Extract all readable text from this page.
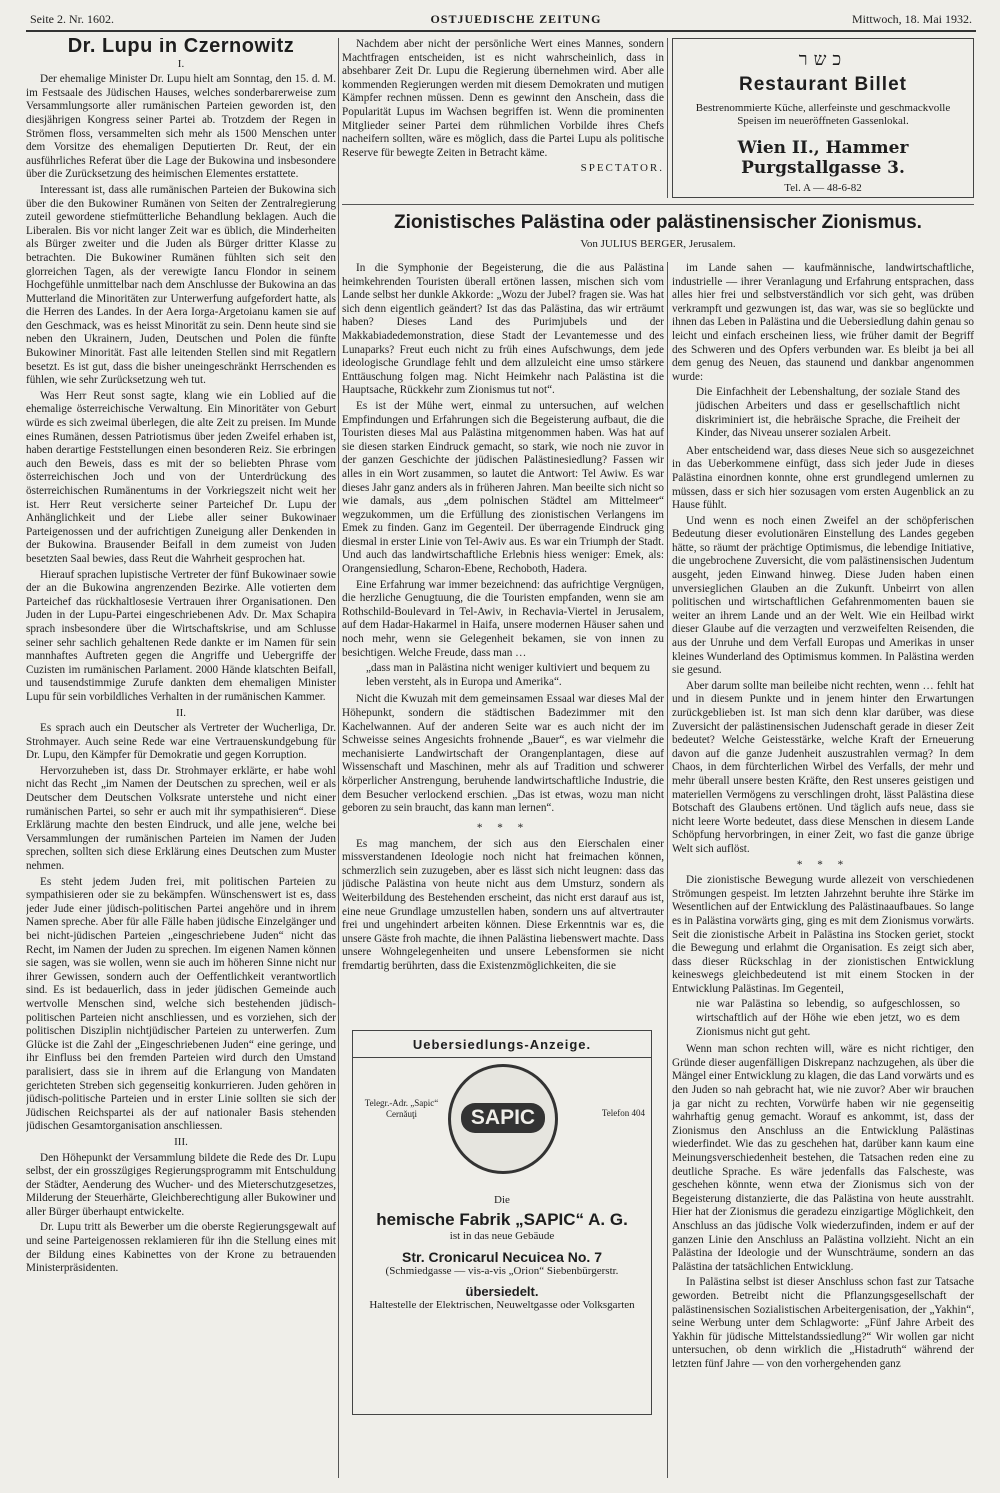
Seite 2. Nr. 1602.	OSTJUEDISCHE ZEITUNG	Mittwoch, 18. Mai 1932.
Dr. Lupu in Czernowitz

I.

Der ehemalige Minister Dr. Lupu hielt am Sonntag, den 15. d. M. im Festsaale des Jüdischen Hauses, welches sonderbarerweise zum Versammlungsorte aller rumänischen Parteien geworden ist, den diesjährigen Kongress seiner Partei ab. Trotzdem der Regen in Strömen floss, versammelten sich mehr als 1500 Menschen unter dem Vorsitze des ehemaligen Deputierten Dr. Reut, der ein ausführliches Referat über die Lage der Bukowina und insbesondere über die Zurücksetzung des heimischen Elementes erstattete.

Interessant ist, dass alle rumänischen Parteien der Bukowina sich über die den Bukowiner Rumänen von Seiten der Zentralregierung zuteil gewordene stiefmütterliche Behandlung beklagen. Auch die Liberalen. Bis vor nicht langer Zeit war es üblich, die Minderheiten als Bürger zweiter und die Juden als Bürger dritter Klasse zu betrachten. Die Bukowiner Rumänen fühlten sich seit den glorreichen Tagen, als der verewigte Iancu Flondor in seinem Hochgefühle unmittelbar nach dem Anschlusse der Bukowina an das Mutterland die Minoritäten zur Unterwerfung aufgefordert hatte, als die Herren des Landes. In der Aera Iorga-Argetoianu kamen sie auf den Geschmack, was es heisst Minorität zu sein. Denn heute sind sie neben den Ukrainern, Juden, Deutschen und Polen die fünfte Bukowiner Minorität. Fast alle leitenden Stellen sind mit Regatlern besetzt. Es ist gut, dass die bisher uneingeschränkt Herrschenden es fühlen, wie sehr Zurücksetzung weh tut.

Was Herr Reut sonst sagte, klang wie ein Loblied auf die ehemalige österreichische Verwaltung. Ein Minoritäter von Geburt würde es sich zweimal überlegen, die alte Zeit zu preisen. Im Munde eines Rumänen, dessen Patriotismus über jeden Zweifel erhaben ist, haben derartige Feststellungen einen besonderen Reiz. Sie erbringen auch den Beweis, dass es mit der so beliebten Phrase vom österreichischen Joch und von der Unterdrückung des österreichischen Rumänentums in der Vorkriegszeit nicht weit her ist. Herr Reut versicherte seiner Parteichef Dr. Lupu der Anhänglichkeit und der Liebe aller seiner Bukowinaer Parteigenossen und der aufrichtigen Zuneigung aller Denkenden in der Bukowina. Brausender Beifall in dem zumeist von Juden besetzten Saal bewies, dass Reut die Wahrheit gesprochen hat.

Hierauf sprachen lupistische Vertreter der fünf Bukowinaer sowie der an die Bukowina angrenzenden Bezirke. Alle votierten dem Parteichef das rückhaltlosesie Vertrauen ihrer Organisationen. Den Juden in der Lupu-Partei eingeschriebenen Adv. Dr. Max Schapira sprach insbesondere über die Wirtschaftskrise, und am Schlusse seiner sehr sachlich gehaltenen Rede dankte er im Namen für sein mannhaftes Auftreten gegen die Angriffe und Uebergriffe der Cuzisten im rumänischen Parlament. 2000 Hände klatschten Beifall, und tausendstimmige Zurufe dankten dem ehemaligen Minister Lupu für sein vorbildliches Verhalten in der rumänischen Kammer.

II.

Es sprach auch ein Deutscher als Vertreter der Wucherliga, Dr. Strohmayer. Auch seine Rede war eine Vertrauenskundgebung für Dr. Lupu, den Kämpfer für Demokratie und gegen Korruption.

Hervorzuheben ist, dass Dr. Strohmayer erklärte, er habe wohl nicht das Recht „im Namen der Deutschen zu sprechen, weil er als Deutscher dem Deutschen Volksrate unterstehe und nicht einer rumänischen Partei, so sehr er auch mit ihr sympathisieren“. Diese Erklärung machte den besten Eindruck, und alle jene, welche bei Versammlungen der rumänischen Parteien im Namen der Juden sprechen, sollten sich diese Erklärung eines Deutschen zum Muster nehmen.

Es steht jedem Juden frei, mit politischen Parteien zu sympathisieren oder sie zu bekämpfen. Wünschenswert ist es, dass jeder Jude einer jüdisch-politischen Partei angehöre und in ihrem Namen spreche. Aber für alle Fälle haben jüdische Einzelgänger und bei nicht-jüdischen Parteien „eingeschriebene Juden“ nicht das Recht, im Namen der Juden zu sprechen. Im eigenen Namen können sie sagen, was sie wollen, wenn sie auch im höheren Sinne nicht nur ihrer Gewissen, sondern auch der Oeffentlichkeit verantwortlich sind. Es ist bedauerlich, dass in jeder jüdischen Gemeinde auch wertvolle Menschen sind, welche sich bestehenden jüdisch-politischen Parteien nicht anschliessen, und es vorziehen, sich der politischen Disziplin nichtjüdischer Parteien zu unterwerfen. Zum Glücke ist die Zahl der „Eingeschriebenen Juden“ eine geringe, und ihr Einfluss bei den fremden Parteien wird durch den Umstand paralisiert, dass sie in ihrem auf die Erlangung von Mandaten gerichteten Streben sich gegenseitig konkurrieren. Juden gehören in jüdisch-politische Parteien und in erster Linie sollten sie sich der Jüdischen Reichspartei als der auf nationaler Basis stehenden jüdischen Gesamtorganisation anschliessen.

III.

Den Höhepunkt der Versammlung bildete die Rede des Dr. Lupu selbst, der ein grosszügiges Regierungsprogramm mit Entschuldung der Städter, Aenderung des Wucher- und des Mieterschutzgesetzes, Milderung der Steuerhärte, Gleichberechtigung aller Bukowiner und aller Bürger überhaupt entwickelte.

Dr. Lupu tritt als Bewerber um die oberste Regierungsgewalt auf und seine Parteigenossen reklamieren für ihn die Stellung eines mit der Bildung eines Kabinettes von der Krone zu betrauenden Ministerpräsidenten.

Nachdem aber nicht der persönliche Wert eines Mannes, sondern Machtfragen entscheiden, ist es nicht wahrscheinlich, dass in absehbarer Zeit Dr. Lupu die Regierung übernehmen wird. Aber alle kommenden Regierungen werden mit diesem Demokraten und mutigen Kämpfer rechnen müssen. Denn es gewinnt den Anschein, dass die Popularität Lupus im Wachsen begriffen ist. Wenn die prominenten Mitglieder seiner Partei dem rühmlichen Vorbilde ihres Chefs nacheifern sollten, wäre es möglich, dass die Partei Lupu als politische Reserve für bewegte Zeiten in Betracht käme.

SPECTATOR.

כשר
Restaurant Billet
Bestrenommierte Küche, allerfeinste und geschmackvolle Speisen im neueröffneten Gassenlokal.
Wien II., Hammer Purgstallgasse 3.
Tel. A — 48-6-82
Zionistisches Palästina oder palästinensischer Zionismus.
Von JULIUS BERGER, Jerusalem.

In die Symphonie der Begeisterung, die die aus Palästina heimkehrenden Touristen überall ertönen lassen, mischen sich vom Lande selbst her dunkle Akkorde: „Wozu der Jubel? fragen sie. Was hat sich denn eigentlich geändert? Ist das das Palästina, das wir erträumt haben? Dieses Land des Purimjubels und der Makkabiadedemonstration, diese Stadt der Levantemesse und des Lunaparks? Freut euch nicht zu früh eines Aufschwungs, dem jede ideologische Grundlage fehlt und dem allzuleicht eine umso stärkere Enttäuschung folgen mag. Nicht Heimkehr nach Palästina ist die Hauptsache, Rückkehr zum Zionismus tut not“.

Es ist der Mühe wert, einmal zu untersuchen, auf welchen Empfindungen und Erfahrungen sich die Begeisterung aufbaut, die die Touristen dieses Mal aus Palästina mitgenommen haben. Was hat auf sie diesen starken Eindruck gemacht, so stark, wie noch nie zuvor in der ganzen Geschichte der jüdischen Palästinesiedlung? Fassen wir alles in ein Wort zusammen, so lautet die Antwort: Tel Awiw. Es war dieses Jahr ganz anders als in früheren Jahren. Man beeilte sich nicht so wie damals, aus „dem polnischen Städtel am Mittelmeer“ wegzukommen, um die Erfüllung des zionistischen Verlangens im Emek zu finden. Ganz im Gegenteil. Der überragende Eindruck ging diesmal in erster Linie von Tel-Awiv aus. Es war ein Triumph der Stadt. Und auch das landwirtschaftliche Erlebnis hiess weniger: Emek, als: Orangensiedlung, Scharon-Ebene, Rechoboth, Hadera.

Eine Erfahrung war immer bezeichnend: das aufrichtige Vergnügen, die herzliche Genugtuung, die die Touristen empfanden, wenn sie am Rothschild-Boulevard in Tel-Awiv, in Rechavia-Viertel in Jerusalem, auf dem Hadar-Hakarmel in Haifa, unsere modernen Häuser sahen und noch mehr, wenn sie Gelegenheit bekamen, sie von innen zu besichtigen. Welche Freude, dass man …

„dass man in Palästina nicht weniger kultiviert und bequem zu leben versteht, als in Europa und Amerika“.

Nicht die Kwuzah mit dem gemeinsamen Essaal war dieses Mal der Höhepunkt, sondern die städtischen Badezimmer mit den Kachelwannen. Auf der anderen Seite war es auch nicht der im Schweisse seines Angesichts frohnende „Bauer“, es war vielmehr die mechanisierte Landwirtschaft der Orangenplantagen, diese auf Wissenschaft und Maschinen, mehr als auf Tradition und schwerer körperlicher Anstrengung, beruhende landwirtschaftliche Industrie, die dem Besucher verlockend erschien. „Das ist etwas, wozu man nicht geboren zu sein braucht, das kann man lernen“.

* * *

Es mag manchem, der sich aus den Eierschalen einer missverstandenen Ideologie noch nicht hat freimachen können, schmerzlich sein zuzugeben, aber es lässt sich nicht leugnen: dass das jüdische Palästina von heute nicht aus dem Umsturz, sondern als Weiterbildung des Bestehenden erscheint, das nicht erst darauf aus ist, eine neue Grundlage umzustellen haben, sondern uns auf altvertrauter frei und ungehindert arbeiten können. Diese Erkenntnis war es, die unsere Gäste froh machte, die ihnen Palästina liebenswert machte. Dass unsere Wohngelegenheiten und unsere Lebensformen sie nicht fremdartig berührten, dass die Existenzmöglichkeiten, die sie

im Lande sahen — kaufmännische, landwirtschaftliche, industrielle — ihrer Veranlagung und Erfahrung entsprachen, dass alles hier frei und selbstverständlich vor sich geht, was drüben verkrampft und gezwungen ist, das war, was sie so beglückte und ihnen das Leben in Palästina und die Uebersiedlung dahin genau so leicht und einfach erscheinen liess, wie früher damit der Begriff des Schweren und des Opfers verbunden war. Es bleibt ja bei all dem genug des Neuen, das staunend und dankbar angenommen wurde:

Die Einfachheit der Lebenshaltung, der soziale Stand des jüdischen Arbeiters und dass er gesellschaftlich nicht diskriminiert ist, die hebräische Sprache, die Freiheit der Kinder, das Niveau unserer sozialen Arbeit.

Aber entscheidend war, dass dieses Neue sich so ausgezeichnet in das Ueberkommene einfügt, dass sich jeder Jude in dieses Palästina einordnen konnte, ohne erst grundlegend umlernen zu müssen, dass er sich hier sozusagen vom ersten Augenblick an zu Hause fühlt.

Und wenn es noch einen Zweifel an der schöpferischen Bedeutung dieser evolutionären Einstellung des Landes gegeben hätte, so räumt der prächtige Optimismus, die lebendige Initiative, die ungebrochene Zuversicht, die vom palästinensischen Judentum ausgeht, jeden Einwand hinweg. Diese Juden haben einen unversieglichen Glauben an die Zukunft. Unbeirrt von allen politischen und wirtschaftlichen Gefahrenmomenten bauen sie weiter an ihrem Lande und an der Welt. Wie ein Heilbad wirkt dieser Glaube auf die verzagten und verzweifelten Reisenden, die aus der Unruhe und dem Verfall Europas und Amerikas in unser kleines Wunderland des Optimismus kommen. In Palästina werden sie gesund.

Aber darum sollte man beileibe nicht rechten, wenn … fehlt hat und in diesem Punkte und in jenem hinter den Erwartungen zurückgeblieben ist. Ist man sich denn klar darüber, was diese Zuversicht der palästinensischen Judenschaft gerade in dieser Zeit bedeutet? Welche Geistesstärke, welche Kraft der Erneuerung davon auf die ganze Judenheit auszustrahlen vermag? In dem Chaos, in dem fürchterlichen Wirbel des Verfalls, der mehr und mehr überall unsere besten Kräfte, den Rest unseres geistigen und materiellen Vermögens zu verschlingen droht, lässt Palästina diese Botschaft des Glaubens ertönen. Und täglich aufs neue, dass sie nicht leere Worte bedeutet, dass diese Menschen in diesem Lande Schöpfung hervorbringen, in einer Zeit, wo fast die ganze übrige Welt sich auflöst.

* * *

Die zionistische Bewegung wurde allezeit von verschiedenen Strömungen gespeist. Im letzten Jahrzehnt beruhte ihre Stärke im Wesentlichen auf der Entwicklung des Palästinaaufbaues. So lange es in Palästina vorwärts ging, ging es mit dem Zionismus vorwärts. Seit die zionistische Arbeit in Palästina ins Stocken geriet, stockt die Bewegung und erlahmt die Organisation. Es zeigt sich aber, dass dieser Rückschlag in der zionistischen Entwicklung keineswegs gleichbedeutend ist mit einem Stocken in der Entwicklung Palästinas. Im Gegenteil,

nie war Palästina so lebendig, so aufgeschlossen, so wirtschaftlich auf der Höhe wie eben jetzt, wo es dem Zionismus nicht gut geht.

Wenn man schon rechten will, wäre es nicht richtiger, den Gründe dieser augenfälligen Diskrepanz nachzugehen, als über die Mängel einer Entwicklung zu klagen, die das Land vorwärts und es den Juden so nah gebracht hat, wie nie zuvor? Aber wir brauchen ja gar nicht zu rechten, Vorwürfe haben wir nie gegenseitig wahrhaftig genug gemacht. Worauf es ankommt, ist, dass der Zionismus den Anschluss an die Entwicklung Palästinas wiederfindet. Wie das zu geschehen hat, darüber kann kaum eine Meinungsverschiedenheit bestehen, die Tatsachen reden eine zu deutliche Sprache. Es wäre jedenfalls das Falscheste, was geschehen könnte, wenn etwa der Zionismus sich von der Begeisterung distanzierte, die das Palästina von heute ausstrahlt. Hier hat der Zionismus die geradezu einzigartige Möglichkeit, den Anschluss an das jüdische Volk wiederzufinden, indem er auf der ganzen Linie den Anschluss an Palästina vollzieht. Nicht an ein Palästina der Ideologie und der Wunschträume, sondern an das Palästina der tatsächlichen Entwicklung.

In Palästina selbst ist dieser Anschluss schon fast zur Tatsache geworden. Betreibt nicht die Pflanzungsgesellschaft der palästinensischen Sozialistischen Arbeitergenisation, der „Yakhin“, seine Werbung unter dem Schlagworte: „Fünf Jahre Arbeit des Yakhin für jüdische Mittelstandssiedlung?“ Wir wollen gar nicht untersuchen, ob denn wirklich die „Histadruth“ während der letzten fünf Jahre — von den vorhergehenden ganz

Uebersiedlungs-Anzeige.
Telegr.-Adr. „Sapic“ Cernăuţi	SAPIC	Telefon 404
Die
hemische Fabrik „SAPIC“ A. G.
ist in das neue Gebäude
Str. Cronicarul Necuicea No. 7
(Schmiedgasse — vis-a-vis „Orion“ Siebenbürgerstr.
übersiedelt.
Haltestelle der Elektrischen, Neuweltgasse oder Volksgarten
